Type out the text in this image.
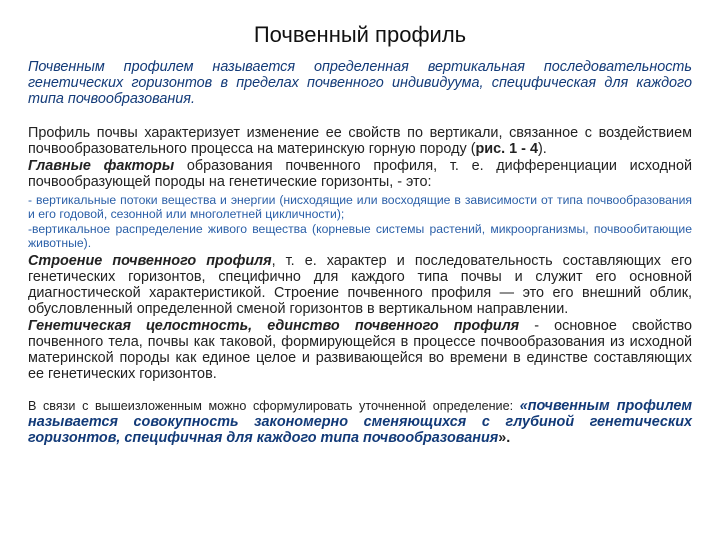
Почвенный профиль

Почвенным профилем называется определенная вертикальная последовательность генетических горизонтов в пределах почвенного индивидуума, специфическая для каждого типа почвообразования.

Профиль почвы характеризует изменение ее свойств по вертикали, связанное с воздействием почвообразовательного процесса на материнскую горную породу (рис. 1 - 4).

Главные факторы образования почвенного профиля, т. е. дифференциации исходной почвообразующей породы на генетические горизонты, - это:

- вертикальные потоки вещества и энергии (нисходящие или восходящие в зависимости от типа почвообразования и его годовой, сезонной или многолетней цикличности);

-вертикальное распределение живого вещества (корневые системы растений, микроорганизмы, почвообитающие животные).

Строение почвенного профиля, т. е. характер и последовательность составляющих его генетических горизонтов, специфично для каждого типа почвы и служит его основной диагностической характеристикой. Строение почвенного профиля — это его внешний облик, обусловленный определенной сменой горизонтов в вертикальном направлении.

Генетическая целостность, единство почвенного профиля - основное свойство почвенного тела, почвы как таковой, формирующейся в процессе почвообразования из исходной материнской породы как единое целое и развивающейся во времени в единстве составляющих ее генетических горизонтов.

В связи с вышеизложенным можно сформулировать уточненной определение: «почвенным профилем называется совокупность закономерно сменяющихся с глубиной генетических горизонтов, специфичная для каждого типа почвообразования».
